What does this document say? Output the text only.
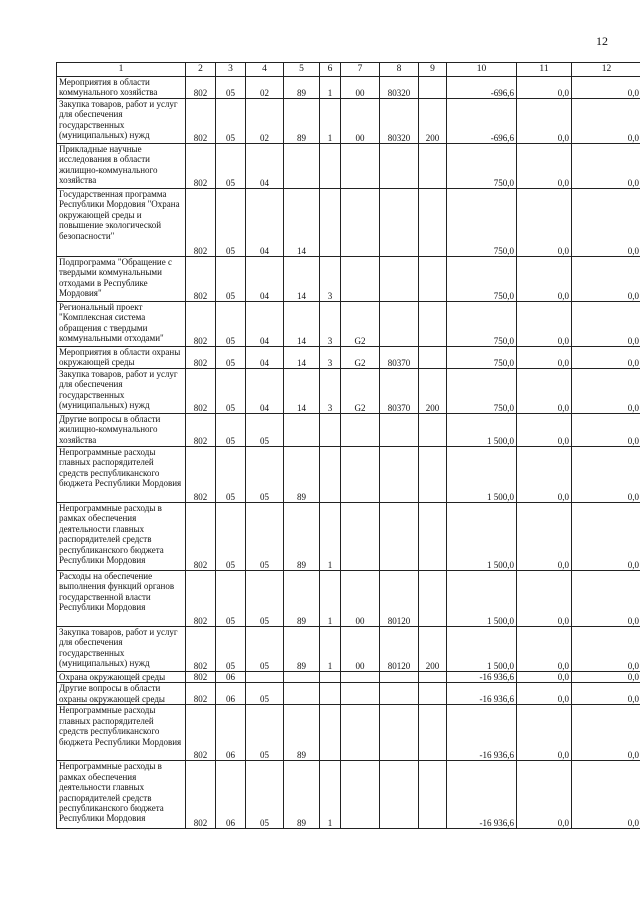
12
1	2	3	4	5	6	7	8	9	10	11	12
Мероприятия в области коммунального хозяйства	802	05	02	89	1	00	80320		-696,6	0,0	0,0
Закупка товаров, работ и услуг для обеспечения государственных (муниципальных) нужд	802	05	02	89	1	00	80320	200	-696,6	0,0	0,0
Прикладные научные исследования в области жилищно-коммунального хозяйства	802	05	04						750,0	0,0	0,0
Государственная программа Республики Мордовия "Охрана окружающей среды и повышение экологической безопасности"	802	05	04	14					750,0	0,0	0,0
Подпрограмма "Обращение с твердыми коммунальными отходами в Республике Мордовия"	802	05	04	14	3				750,0	0,0	0,0
Региональный проект "Комплексная система обращения с твердыми коммунальными отходами"	802	05	04	14	3	G2			750,0	0,0	0,0
Мероприятия в области охраны окружающей среды	802	05	04	14	3	G2	80370		750,0	0,0	0,0
Закупка товаров, работ и услуг для обеспечения государственных (муниципальных) нужд	802	05	04	14	3	G2	80370	200	750,0	0,0	0,0
Другие вопросы в области жилищно-коммунального хозяйства	802	05	05						1 500,0	0,0	0,0
Непрограммные расходы главных распорядителей средств республиканского бюджета Республики Мордовия	802	05	05	89					1 500,0	0,0	0,0
Непрограммные расходы в рамках обеспечения деятельности главных распорядителей средств республиканского бюджета Республики Мордовия	802	05	05	89	1				1 500,0	0,0	0,0
Расходы на обеспечение выполнения функций органов государственной власти Республики Мордовия	802	05	05	89	1	00	80120		1 500,0	0,0	0,0
Закупка товаров, работ и услуг для обеспечения государственных (муниципальных) нужд	802	05	05	89	1	00	80120	200	1 500,0	0,0	0,0
Охрана окружающей среды	802	06							-16 936,6	0,0	0,0
Другие вопросы в области охраны окружающей среды	802	06	05						-16 936,6	0,0	0,0
Непрограммные расходы главных распорядителей средств республиканского бюджета Республики Мордовия	802	06	05	89					-16 936,6	0,0	0,0
Непрограммные расходы в рамках обеспечения деятельности главных распорядителей средств республиканского бюджета Республики Мордовия	802	06	05	89	1				-16 936,6	0,0	0,0
